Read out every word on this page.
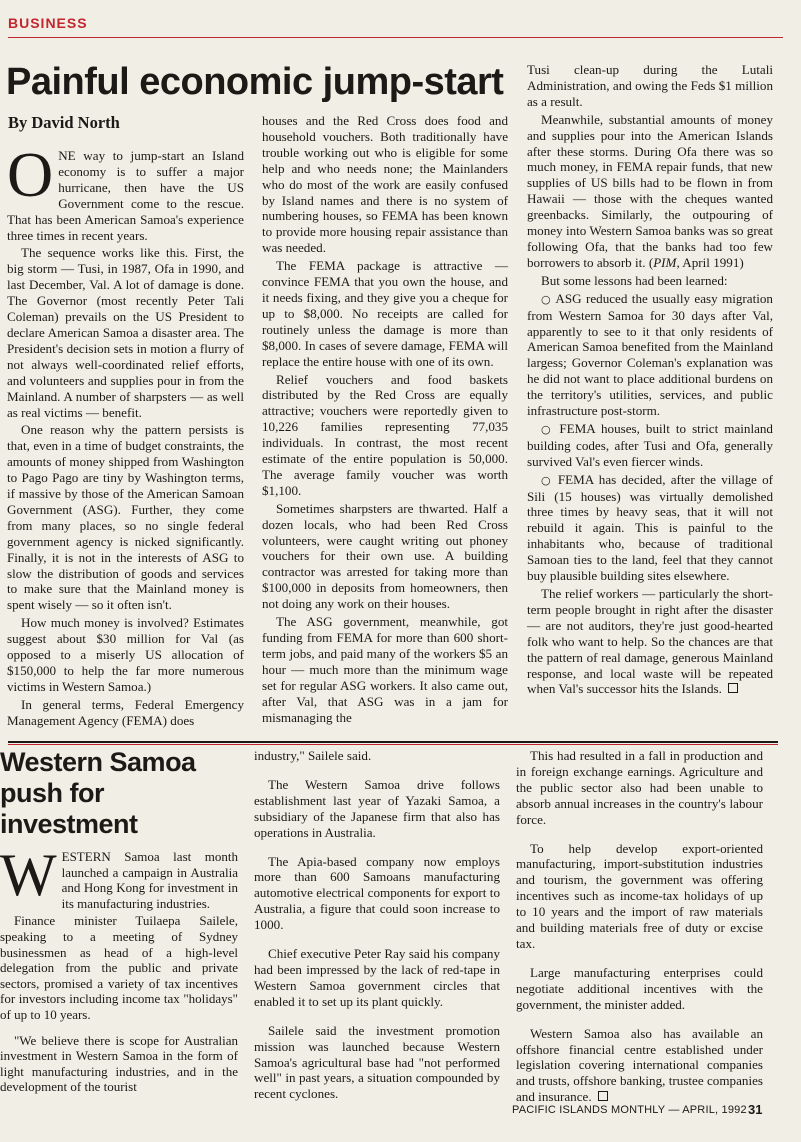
BUSINESS
Painful economic jump-start
By David North

ONE way to jump-start an Island economy is to suffer a major hurricane, then have the US Government come to the rescue. That has been American Samoa's experience three times in recent years.

The sequence works like this. First, the big storm — Tusi, in 1987, Ofa in 1990, and last December, Val. A lot of damage is done. The Governor (most recently Peter Tali Coleman) prevails on the US President to declare American Samoa a disaster area. The President's decision sets in motion a flurry of not always well-coordinated relief efforts, and volunteers and supplies pour in from the Mainland. A number of sharpsters — as well as real victims — benefit.

One reason why the pattern persists is that, even in a time of budget constraints, the amounts of money shipped from Washington to Pago Pago are tiny by Washington terms, if massive by those of the American Samoan Government (ASG). Further, they come from many places, so no single federal government agency is nicked significantly. Finally, it is not in the interests of ASG to slow the distribution of goods and services to make sure that the Mainland money is spent wisely — so it often isn't.

How much money is involved? Estimates suggest about $30 million for Val (as opposed to a miserly US allocation of $150,000 to help the far more numerous victims in Western Samoa.)

In general terms, Federal Emergency Management Agency (FEMA) does

houses and the Red Cross does food and household vouchers. Both traditionally have trouble working out who is eligible for some help and who needs none; the Mainlanders who do most of the work are easily confused by Island names and there is no system of numbering houses, so FEMA has been known to provide more housing repair assistance than was needed.

The FEMA package is attractive — convince FEMA that you own the house, and it needs fixing, and they give you a cheque for up to $8,000. No receipts are called for routinely unless the damage is more than $8,000. In cases of severe damage, FEMA will replace the entire house with one of its own.

Relief vouchers and food baskets distributed by the Red Cross are equally attractive; vouchers were reportedly given to 10,226 families representing 77,035 individuals. In contrast, the most recent estimate of the entire population is 50,000. The average family voucher was worth $1,100.

Sometimes sharpsters are thwarted. Half a dozen locals, who had been Red Cross volunteers, were caught writing out phoney vouchers for their own use. A building contractor was arrested for taking more than $100,000 in deposits from homeowners, then not doing any work on their houses.

The ASG government, meanwhile, got funding from FEMA for more than 600 short-term jobs, and paid many of the workers $5 an hour — much more than the minimum wage set for regular ASG workers. It also came out, after Val, that ASG was in a jam for mismanaging the

Tusi clean-up during the Lutali Administration, and owing the Feds $1 million as a result.

Meanwhile, substantial amounts of money and supplies pour into the American Islands after these storms. During Ofa there was so much money, in FEMA repair funds, that new supplies of US bills had to be flown in from Hawaii — those with the cheques wanted greenbacks. Similarly, the outpouring of money into Western Samoa banks was so great following Ofa, that the banks had too few borrowers to absorb it. (PIM, April 1991)

But some lessons had been learned:

○ ASG reduced the usually easy migration from Western Samoa for 30 days after Val, apparently to see to it that only residents of American Samoa benefited from the Mainland largess; Governor Coleman's explanation was he did not want to place additional burdens on the territory's utilities, services, and public infrastructure post-storm.

○ FEMA houses, built to strict mainland building codes, after Tusi and Ofa, generally survived Val's even fiercer winds.

○ FEMA has decided, after the village of Sili (15 houses) was virtually demolished three times by heavy seas, that it will not rebuild it again. This is painful to the inhabitants who, because of traditional Samoan ties to the land, feel that they cannot buy plausible building sites elsewhere.

The relief workers — particularly the short-term people brought in right after the disaster — are not auditors, they're just good-hearted folk who want to help. So the chances are that the pattern of real damage, generous Mainland response, and local waste will be repeated when Val's successor hits the Islands.

Western Samoa push for investment

WESTERN Samoa last month launched a campaign in Australia and Hong Kong for investment in its manufacturing industries.

Finance minister Tuilaepa Sailele, speaking to a meeting of Sydney businessmen as head of a high-level delegation from the public and private sectors, promised a variety of tax incentives for investors including income tax "holidays" of up to 10 years.

"We believe there is scope for Australian investment in Western Samoa in the form of light manufacturing industries, and in the development of the tourist

industry," Sailele said.

The Western Samoa drive follows establishment last year of Yazaki Samoa, a subsidiary of the Japanese firm that also has operations in Australia.

The Apia-based company now employs more than 600 Samoans manufacturing automotive electrical components for export to Australia, a figure that could soon increase to 1000.

Chief executive Peter Ray said his company had been impressed by the lack of red-tape in Western Samoa government circles that enabled it to set up its plant quickly.

Sailele said the investment promotion mission was launched because Western Samoa's agricultural base had "not performed well" in past years, a situation compounded by recent cyclones.

This had resulted in a fall in production and in foreign exchange earnings. Agriculture and the public sector also had been unable to absorb annual increases in the country's labour force.

To help develop export-oriented manufacturing, import-substitution industries and tourism, the government was offering incentives such as income-tax holidays of up to 10 years and the import of raw materials and building materials free of duty or excise tax.

Large manufacturing enterprises could negotiate additional incentives with the government, the minister added.

Western Samoa also has available an offshore financial centre established under legislation covering international companies and trusts, offshore banking, trustee companies and insurance.

PACIFIC ISLANDS MONTHLY — APRIL, 1992 31
